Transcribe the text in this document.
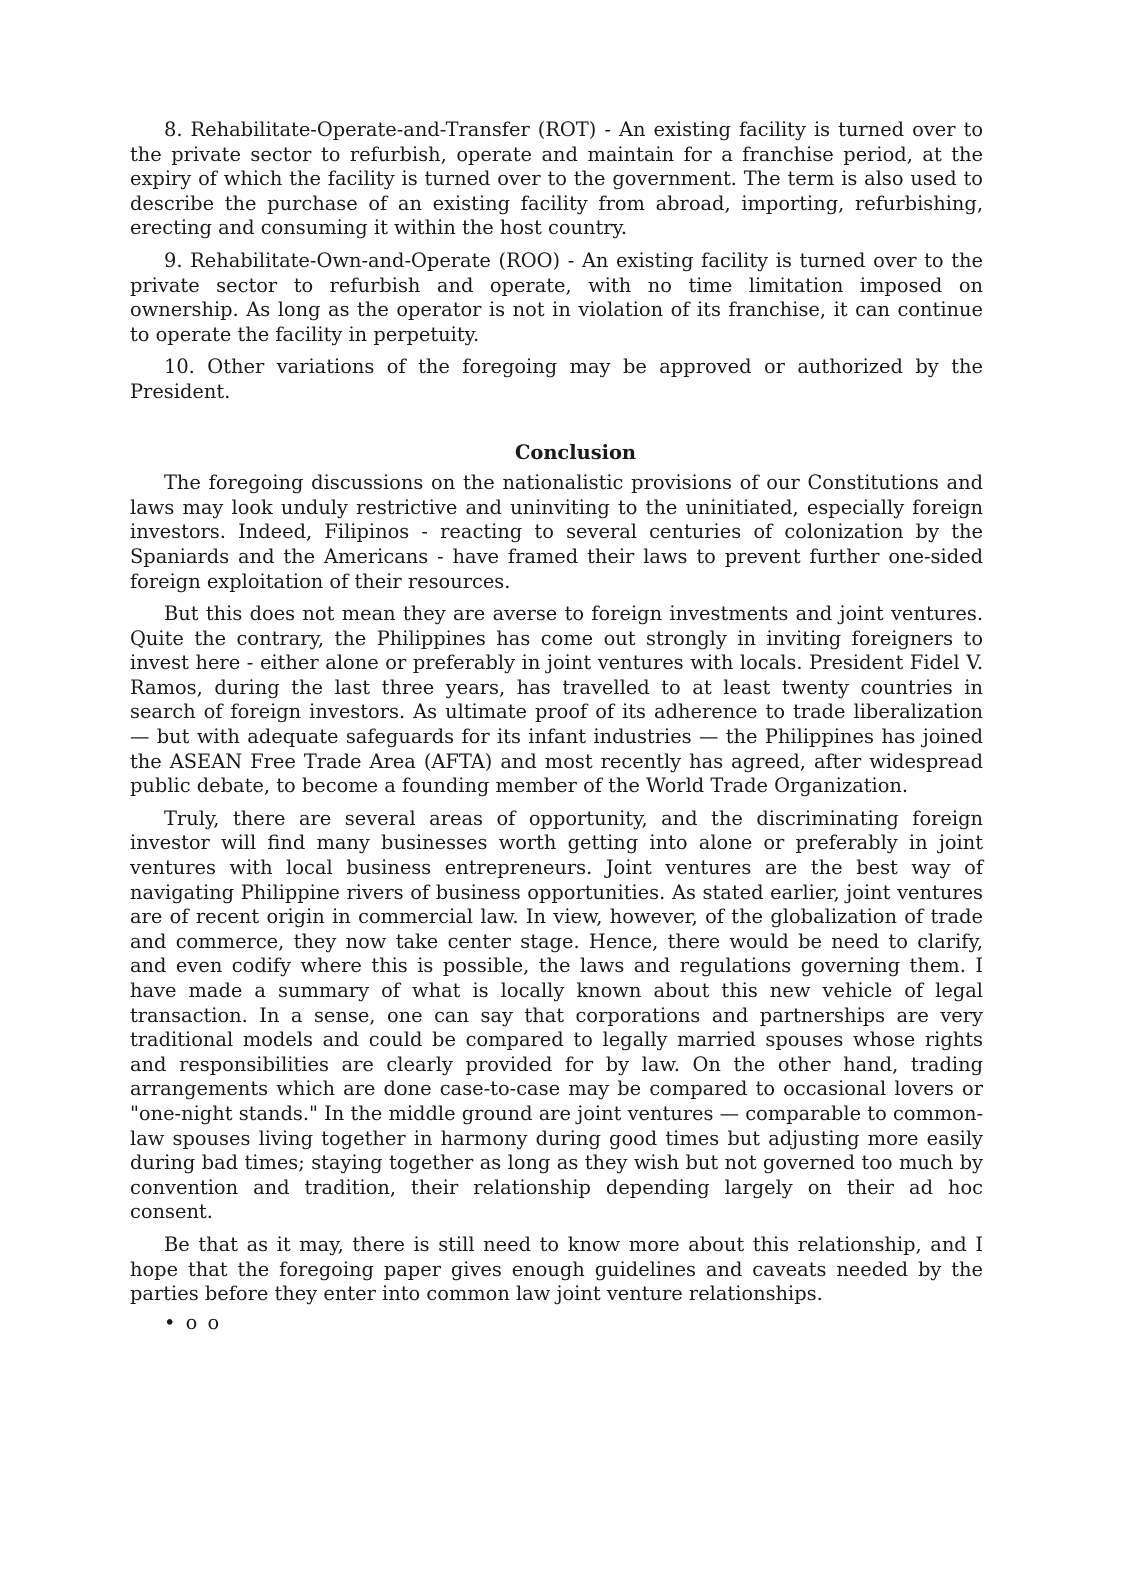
8. Rehabilitate-Operate-and-Transfer (ROT) - An existing facility is turned over to the private sector to refurbish, operate and maintain for a franchise period, at the expiry of which the facility is turned over to the government. The term is also used to describe the purchase of an existing facility from abroad, importing, refurbishing, erecting and consuming it within the host country.

9. Rehabilitate-Own-and-Operate (ROO) - An existing facility is turned over to the private sector to refurbish and operate, with no time limitation imposed on ownership. As long as the operator is not in violation of its franchise, it can continue to operate the facility in perpetuity.

10. Other variations of the foregoing may be approved or authorized by the President.

Conclusion

The foregoing discussions on the nationalistic provisions of our Constitutions and laws may look unduly restrictive and uninviting to the uninitiated, especially foreign investors. Indeed, Filipinos - reacting to several centuries of colonization by the Spaniards and the Americans - have framed their laws to prevent further one-sided foreign exploitation of their resources.

But this does not mean they are averse to foreign investments and joint ventures. Quite the contrary, the Philippines has come out strongly in inviting foreigners to invest here - either alone or preferably in joint ventures with locals. President Fidel V. Ramos, during the last three years, has travelled to at least twenty countries in search of foreign investors. As ultimate proof of its adherence to trade liberalization — but with adequate safeguards for its infant industries — the Philippines has joined the ASEAN Free Trade Area (AFTA) and most recently has agreed, after widespread public debate, to become a founding member of the World Trade Organization.

Truly, there are several areas of opportunity, and the discriminating foreign investor will find many businesses worth getting into alone or preferably in joint ventures with local business entrepreneurs. Joint ventures are the best way of navigating Philippine rivers of business opportunities. As stated earlier, joint ventures are of recent origin in commercial law. In view, however, of the globalization of trade and commerce, they now take center stage. Hence, there would be need to clarify, and even codify where this is possible, the laws and regulations governing them. I have made a summary of what is locally known about this new vehicle of legal transaction. In a sense, one can say that corporations and partnerships are very traditional models and could be compared to legally married spouses whose rights and responsibilities are clearly provided for by law. On the other hand, trading arrangements which are done case-to-case may be compared to occasional lovers or "one-night stands." In the middle ground are joint ventures — comparable to common-law spouses living together in harmony during good times but adjusting more easily during bad times; staying together as long as they wish but not governed too much by convention and tradition, their relationship depending largely on their ad hoc consent.

Be that as it may, there is still need to know more about this relationship, and I hope that the foregoing paper gives enough guidelines and caveats needed by the parties before they enter into common law joint venture relationships.

• o o
